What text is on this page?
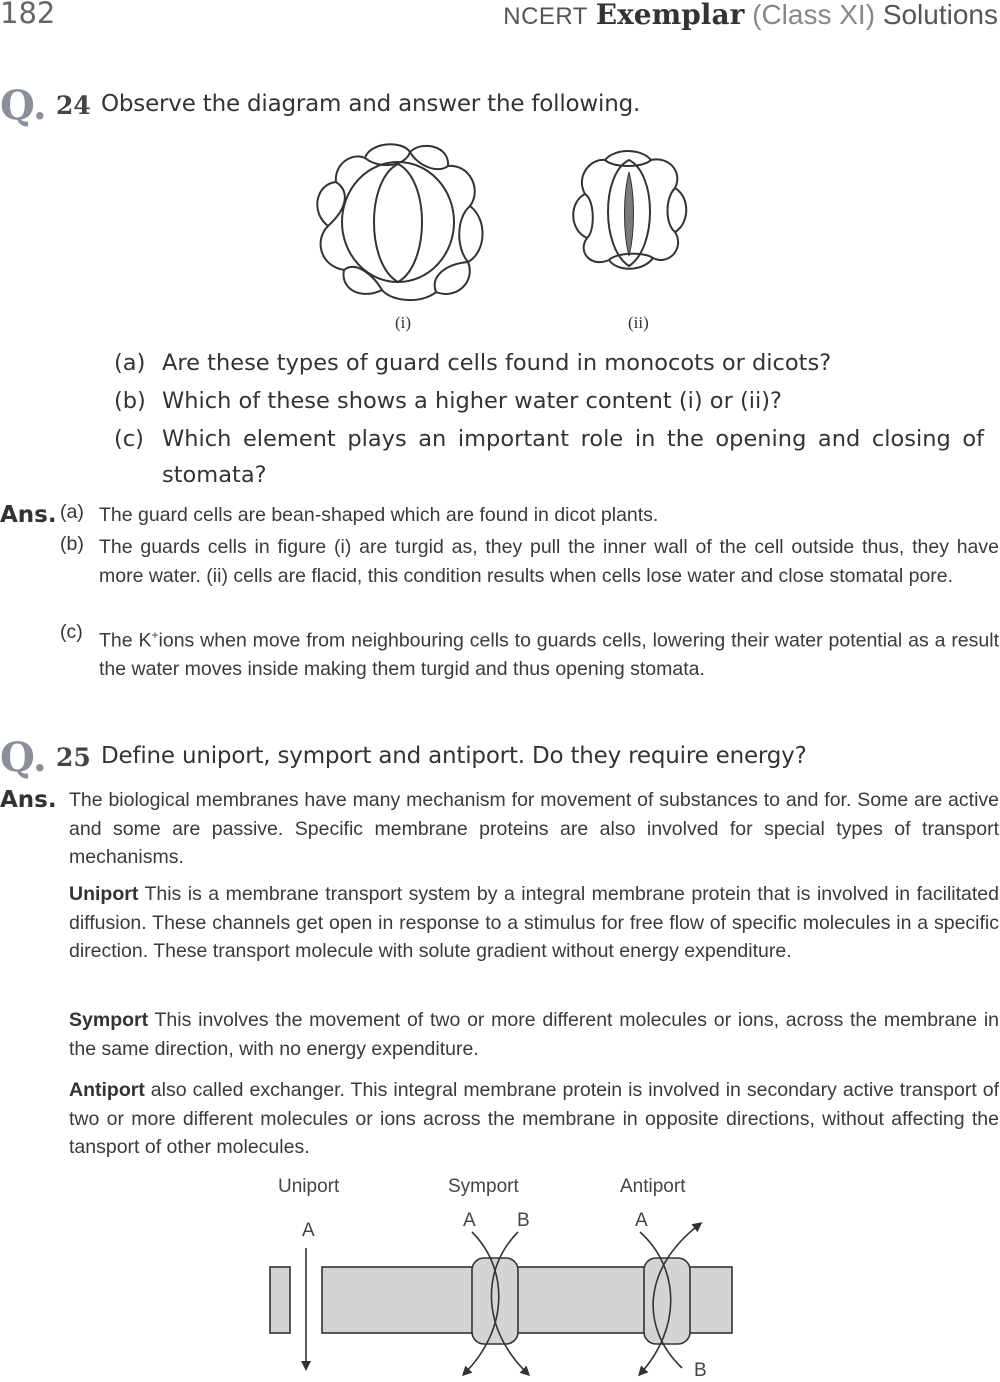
182	NCERT Exemplar (Class XI) Solutions
Q. 24 Observe the diagram and answer the following.
(i)	(ii)
(a) Are these types of guard cells found in monocots or dicots?
(b) Which of these shows a higher water content (i) or (ii)?
(c) Which element plays an important role in the opening and closing of stomata?
Ans. (a) The guard cells are bean-shaped which are found in dicot plants.
(b) The guards cells in figure (i) are turgid as, they pull the inner wall of the cell outside thus, they have more water. (ii) cells are flacid, this condition results when cells lose water and close stomatal pore.
(c) The K+ions when move from neighbouring cells to guards cells, lowering their water potential as a result the water moves inside making them turgid and thus opening stomata.
Q. 25 Define uniport, symport and antiport. Do they require energy?
Ans. The biological membranes have many mechanism for movement of substances to and for. Some are active and some are passive. Specific membrane proteins are also involved for special types of transport mechanisms.
Uniport This is a membrane transport system by a integral membrane protein that is involved in facilitated diffusion. These channels get open in response to a stimulus for free flow of specific molecules in a specific direction. These transport molecule with solute gradient without energy expenditure.
Symport This involves the movement of two or more different molecules or ions, across the membrane in the same direction, with no energy expenditure.
Antiport also called exchanger. This integral membrane protein is involved in secondary active transport of two or more different molecules or ions across the membrane in opposite directions, without affecting the tansport of other molecules.
Uniport	Symport	Antiport
A	A B	A
B
